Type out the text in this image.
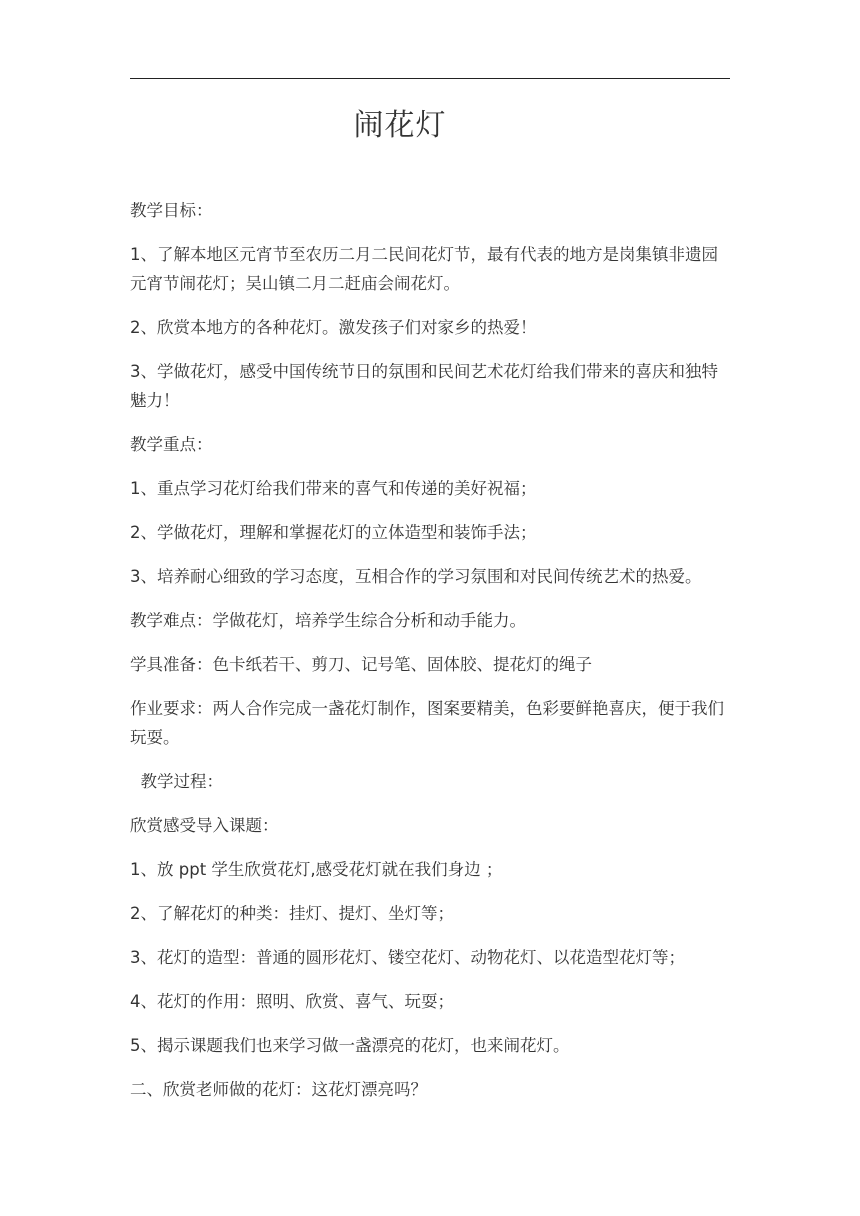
闹花灯

教学目标：

1、了解本地区元宵节至农历二月二民间花灯节，最有代表的地方是岗集镇非遗园元宵节闹花灯；吴山镇二月二赶庙会闹花灯。

2、欣赏本地方的各种花灯。激发孩子们对家乡的热爱！

3、学做花灯，感受中国传统节日的氛围和民间艺术花灯给我们带来的喜庆和独特魅力！

教学重点：

1、重点学习花灯给我们带来的喜气和传递的美好祝福；

2、学做花灯，理解和掌握花灯的立体造型和装饰手法；

3、培养耐心细致的学习态度，互相合作的学习氛围和对民间传统艺术的热爱。

教学难点：学做花灯，培养学生综合分析和动手能力。

学具准备：色卡纸若干、剪刀、记号笔、固体胶、提花灯的绳子

作业要求：两人合作完成一盏花灯制作，图案要精美，色彩要鲜艳喜庆，便于我们玩耍。

教学过程：

欣赏感受导入课题：

1、放 ppt 学生欣赏花灯,感受花灯就在我们身边 ；

2、了解花灯的种类：挂灯、提灯、坐灯等；

3、花灯的造型：普通的圆形花灯、镂空花灯、动物花灯、以花造型花灯等；

4、花灯的作用：照明、欣赏、喜气、玩耍；

5、揭示课题我们也来学习做一盏漂亮的花灯，也来闹花灯。

二、欣赏老师做的花灯：这花灯漂亮吗？
